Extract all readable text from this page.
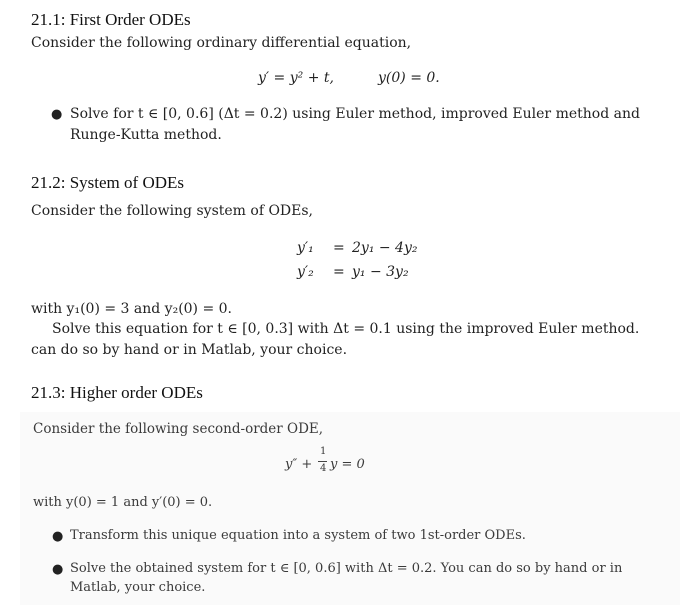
21.1: First Order ODEs
Consider the following ordinary differential equation,
y′ = y² + t,	y(0) = 0.
● Solve for t ∈ [0, 0.6] (Δt = 0.2) using Euler method, improved Euler method and
Runge-Kutta method.
21.2: System of ODEs
Consider the following system of ODEs,
y′₁ = 2y₁ − 4y₂
y′₂ = y₁ − 3y₂
with y₁(0) = 3 and y₂(0) = 0.
Solve this equation for t ∈ [0, 0.3] with Δt = 0.1 using the improved Euler method.
can do so by hand or in Matlab, your choice.
21.3: Higher order ODEs
Consider the following second-order ODE,
y″ +
1
4 y = 0
with y(0) = 1 and y′(0) = 0.
● Transform this unique equation into a system of two 1st-order ODEs.
● Solve the obtained system for t ∈ [0, 0.6] with Δt = 0.2. You can do so by hand or in
Matlab, your choice.
